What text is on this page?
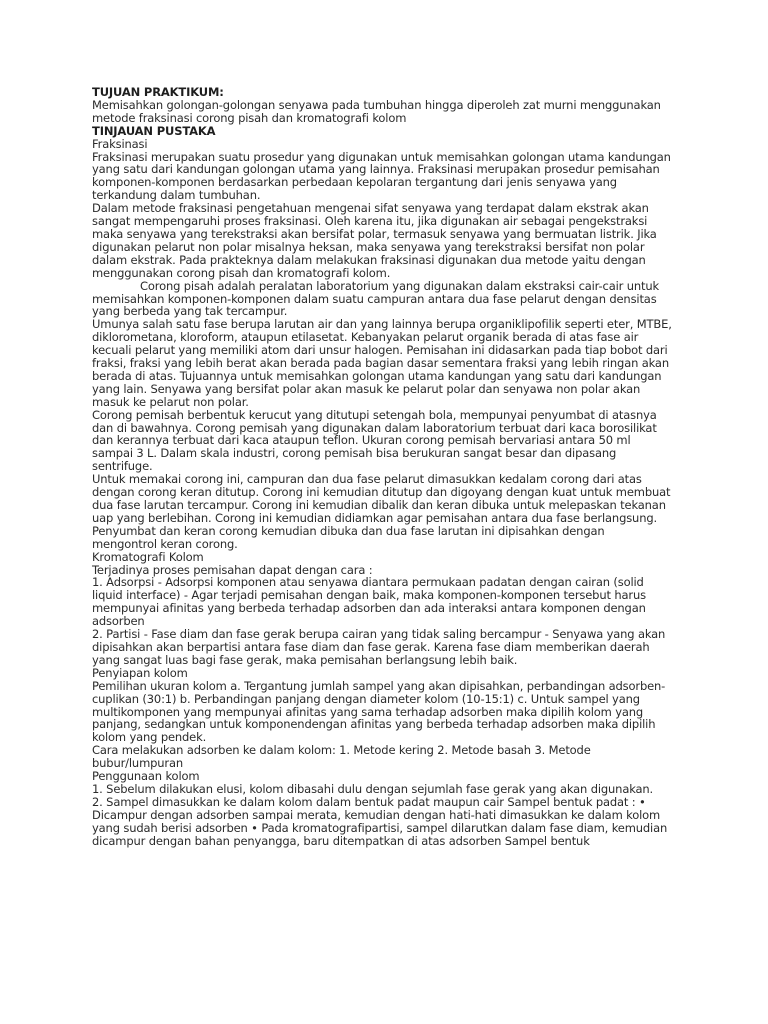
TUJUAN PRAKTIKUM:

Memisahkan golongan-golongan senyawa pada tumbuhan hingga diperoleh zat murni menggunakan metode fraksinasi corong pisah dan kromatografi kolom

TINJAUAN PUSTAKA

Fraksinasi

Fraksinasi merupakan suatu prosedur yang digunakan untuk memisahkan golongan utama kandungan yang satu dari kandungan golongan utama yang lainnya. Fraksinasi merupakan prosedur pemisahan komponen-komponen berdasarkan perbedaan kepolaran tergantung dari jenis senyawa yang terkandung dalam tumbuhan.

Dalam metode fraksinasi pengetahuan mengenai sifat senyawa yang terdapat dalam ekstrak akan sangat mempengaruhi proses fraksinasi. Oleh karena itu, jika digunakan air sebagai pengekstraksi maka senyawa yang terekstraksi akan bersifat polar, termasuk senyawa yang bermuatan listrik. Jika digunakan pelarut non polar misalnya heksan, maka senyawa yang terekstraksi bersifat non polar dalam ekstrak. Pada prakteknya dalam melakukan fraksinasi digunakan dua metode yaitu dengan menggunakan corong pisah dan kromatografi kolom.

Corong pisah adalah peralatan laboratorium yang digunakan dalam ekstraksi cair-cair untuk memisahkan komponen-komponen dalam suatu campuran antara dua fase pelarut dengan densitas yang berbeda yang tak tercampur.

Umunya salah satu fase berupa larutan air dan yang lainnya berupa organiklipofilik seperti eter, MTBE, diklorometana, kloroform, ataupun etilasetat. Kebanyakan pelarut organik berada di atas fase air kecuali pelarut yang memiliki atom dari unsur halogen. Pemisahan ini didasarkan pada tiap bobot dari fraksi, fraksi yang lebih berat akan berada pada bagian dasar sementara fraksi yang lebih ringan akan berada di atas. Tujuannya untuk memisahkan golongan utama kandungan yang satu dari kandungan yang lain. Senyawa yang bersifat polar akan masuk ke pelarut polar dan senyawa non polar akan masuk ke pelarut non polar.

Corong pemisah berbentuk kerucut yang ditutupi setengah bola, mempunyai penyumbat di atasnya dan di bawahnya. Corong pemisah yang digunakan dalam laboratorium terbuat dari kaca borosilikat dan kerannya terbuat dari kaca ataupun teflon. Ukuran corong pemisah bervariasi antara 50 ml sampai 3 L. Dalam skala industri, corong pemisah bisa berukuran sangat besar dan dipasang sentrifuge.

Untuk memakai corong ini, campuran dan dua fase pelarut dimasukkan kedalam corong dari atas dengan corong keran ditutup. Corong ini kemudian ditutup dan digoyang dengan kuat untuk membuat dua fase larutan tercampur. Corong ini kemudian dibalik dan keran dibuka untuk melepaskan tekanan uap yang berlebihan. Corong ini kemudian didiamkan agar pemisahan antara dua fase berlangsung. Penyumbat dan keran corong kemudian dibuka dan dua fase larutan ini dipisahkan dengan mengontrol keran corong.

Kromatografi Kolom

Terjadinya proses pemisahan dapat dengan cara :

1. Adsorpsi - Adsorpsi komponen atau senyawa diantara permukaan padatan dengan cairan (solid liquid interface) - Agar terjadi pemisahan dengan baik, maka komponen-komponen tersebut harus mempunyai afinitas yang berbeda terhadap adsorben dan ada interaksi antara komponen dengan adsorben

2. Partisi - Fase diam dan fase gerak berupa cairan yang tidak saling bercampur - Senyawa yang akan dipisahkan akan berpartisi antara fase diam dan fase gerak. Karena fase diam memberikan daerah yang sangat luas bagi fase gerak, maka pemisahan berlangsung lebih baik.

Penyiapan kolom

Pemilihan ukuran kolom a. Tergantung jumlah sampel yang akan dipisahkan, perbandingan adsorben-cuplikan (30:1) b. Perbandingan panjang dengan diameter kolom (10-15:1) c. Untuk sampel yang multikomponen yang mempunyai afinitas yang sama terhadap adsorben maka dipilih kolom yang panjang, sedangkan untuk komponendengan afinitas yang berbeda terhadap adsorben maka dipilih kolom yang pendek.

Cara melakukan adsorben ke dalam kolom: 1. Metode kering 2. Metode basah 3. Metode bubur/lumpuran

Penggunaan kolom

1. Sebelum dilakukan elusi, kolom dibasahi dulu dengan sejumlah fase gerak yang akan digunakan.

2. Sampel dimasukkan ke dalam kolom dalam bentuk padat maupun cair Sampel bentuk padat : • Dicampur dengan adsorben sampai merata, kemudian dengan hati-hati dimasukkan ke dalam kolom yang sudah berisi adsorben • Pada kromatografipartisi, sampel dilarutkan dalam fase diam, kemudian dicampur dengan bahan penyangga, baru ditempatkan di atas adsorben Sampel bentuk
